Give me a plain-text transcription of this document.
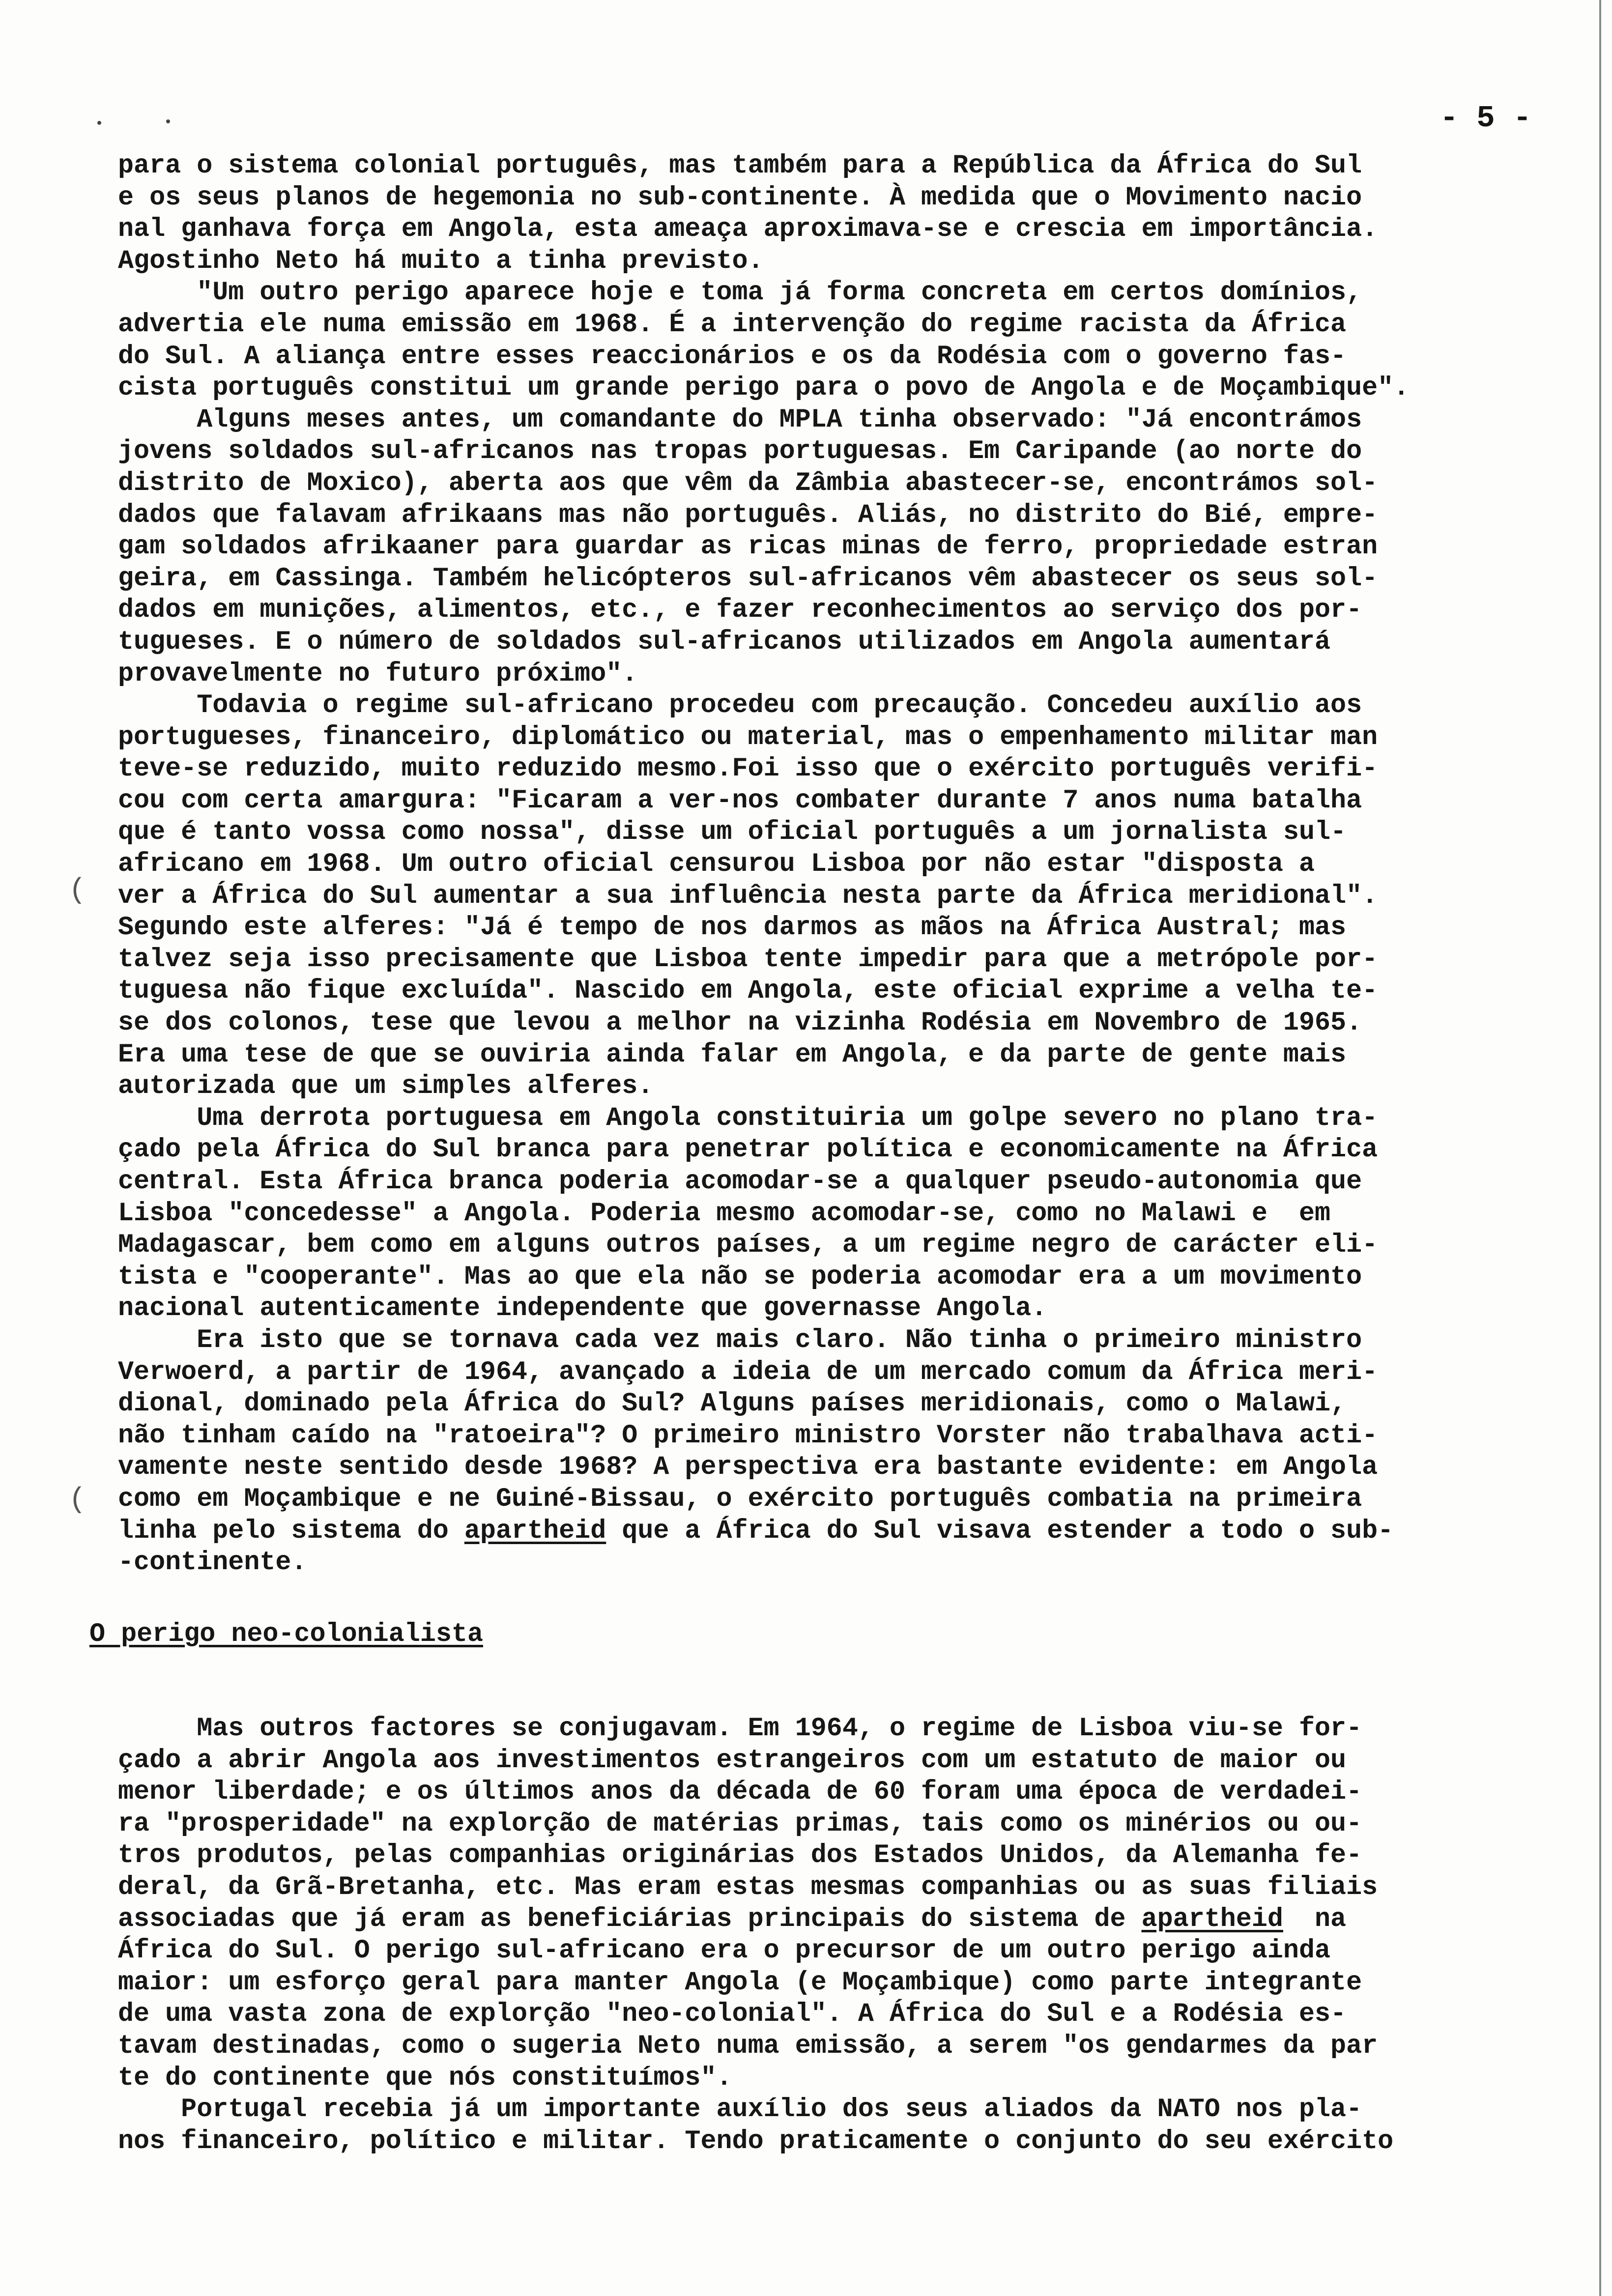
(
(
- 5 -
para o sistema colonial português, mas também para a República da África do Sul
e os seus planos de hegemonia no sub-continente. À medida que o Movimento nacio
nal ganhava força em Angola, esta ameaça aproximava-se e crescia em importância.
Agostinho Neto há muito a tinha previsto.
"Um outro perigo aparece hoje e toma já forma concreta em certos domínios,
advertia ele numa emissão em 1968. É a intervenção do regime racista da África
do Sul. A aliança entre esses reaccionários e os da Rodésia com o governo fas-
cista português constitui um grande perigo para o povo de Angola e de Moçambique".
Alguns meses antes, um comandante do MPLA tinha observado: "Já encontrámos
jovens soldados sul-africanos nas tropas portuguesas. Em Caripande (ao norte do
distrito de Moxico), aberta aos que vêm da Zâmbia abastecer-se, encontrámos sol-
dados que falavam afrikaans mas não português. Aliás, no distrito do Bié, empre-
gam soldados afrikaaner para guardar as ricas minas de ferro, propriedade estran
geira, em Cassinga. Também helicópteros sul-africanos vêm abastecer os seus sol-
dados em munições, alimentos, etc., e fazer reconhecimentos ao serviço dos por-
tugueses. E o número de soldados sul-africanos utilizados em Angola aumentará
provavelmente no futuro próximo".
Todavia o regime sul-africano procedeu com precaução. Concedeu auxílio aos
portugueses, financeiro, diplomático ou material, mas o empenhamento militar man
teve-se reduzido, muito reduzido mesmo.Foi isso que o exército português verifi-
cou com certa amargura: "Ficaram a ver-nos combater durante 7 anos numa batalha
que é tanto vossa como nossa", disse um oficial português a um jornalista sul-
africano em 1968. Um outro oficial censurou Lisboa por não estar "disposta a
ver a África do Sul aumentar a sua influência nesta parte da África meridional".
Segundo este alferes: "Já é tempo de nos darmos as mãos na África Austral; mas
talvez seja isso precisamente que Lisboa tente impedir para que a metrópole por-
tuguesa não fique excluída". Nascido em Angola, este oficial exprime a velha te-
se dos colonos, tese que levou a melhor na vizinha Rodésia em Novembro de 1965.
Era uma tese de que se ouviria ainda falar em Angola, e da parte de gente mais
autorizada que um simples alferes.
Uma derrota portuguesa em Angola constituiria um golpe severo no plano tra-
çado pela África do Sul branca para penetrar política e economicamente na África
central. Esta África branca poderia acomodar-se a qualquer pseudo-autonomia que
Lisboa "concedesse" a Angola. Poderia mesmo acomodar-se, como no Malawi e  em
Madagascar, bem como em alguns outros países, a um regime negro de carácter eli-
tista e "cooperante". Mas ao que ela não se poderia acomodar era a um movimento
nacional autenticamente independente que governasse Angola.
Era isto que se tornava cada vez mais claro. Não tinha o primeiro ministro
Verwoerd, a partir de 1964, avançado a ideia de um mercado comum da África meri-
dional, dominado pela África do Sul? Alguns países meridionais, como o Malawi,
não tinham caído na "ratoeira"? O primeiro ministro Vorster não trabalhava acti-
vamente neste sentido desde 1968? A perspectiva era bastante evidente: em Angola
como em Moçambique e ne Guiné-Bissau, o exército português combatia na primeira
linha pelo sistema do apartheid que a África do Sul visava estender a todo o sub-
-continente.
O perigo neo-colonialista
Mas outros factores se conjugavam. Em 1964, o regime de Lisboa viu-se for-
çado a abrir Angola aos investimentos estrangeiros com um estatuto de maior ou
menor liberdade; e os últimos anos da década de 60 foram uma época de verdadei-
ra "prosperidade" na explorção de matérias primas, tais como os minérios ou ou-
tros produtos, pelas companhias originárias dos Estados Unidos, da Alemanha fe-
deral, da Grã-Bretanha, etc. Mas eram estas mesmas companhias ou as suas filiais
associadas que já eram as beneficiárias principais do sistema de apartheid  na
África do Sul. O perigo sul-africano era o precursor de um outro perigo ainda
maior: um esforço geral para manter Angola (e Moçambique) como parte integrante
de uma vasta zona de explorção "neo-colonial". A África do Sul e a Rodésia es-
tavam destinadas, como o sugeria Neto numa emissão, a serem "os gendarmes da par
te do continente que nós constituímos".
Portugal recebia já um importante auxílio dos seus aliados da NATO nos pla-
nos financeiro, político e militar. Tendo praticamente o conjunto do seu exército
